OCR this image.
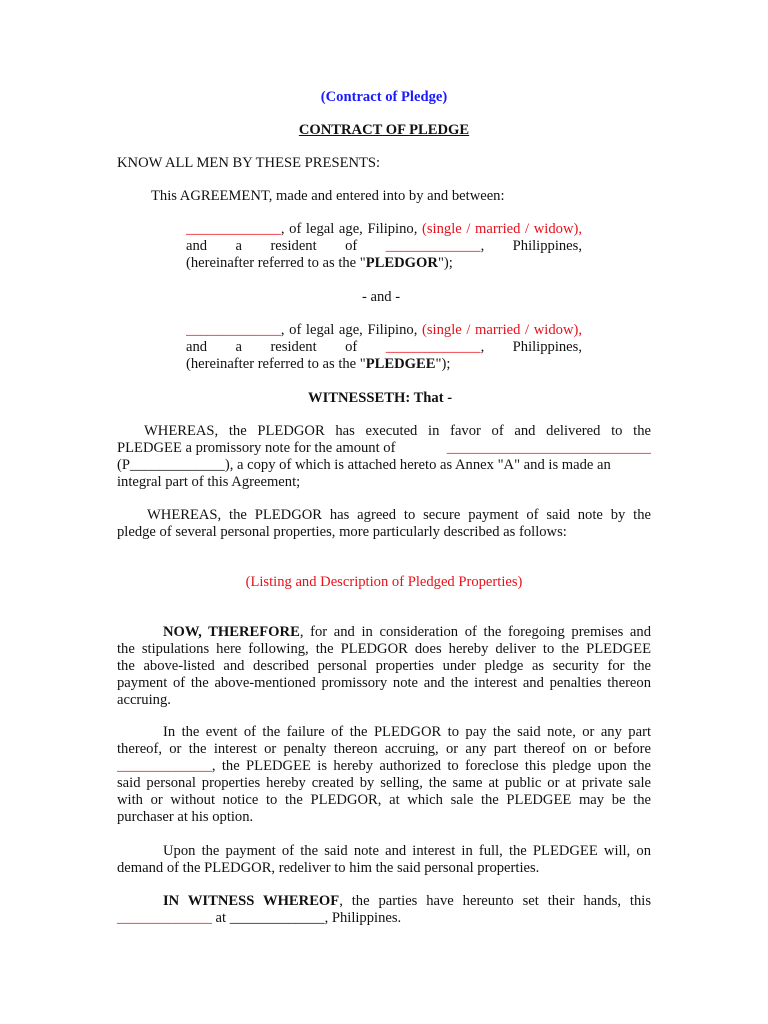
(Contract of Pledge)
CONTRACT OF PLEDGE
KNOW ALL MEN BY THESE PRESENTS:
This AGREEMENT, made and entered into by and between:
_____________, of legal age, Filipino, (single / married / widow),
and a resident of _____________, Philippines,
(hereinafter referred to as the "PLEDGOR");
- and -
_____________, of legal age, Filipino, (single / married / widow),
and a resident of _____________, Philippines,
(hereinafter referred to as the "PLEDGEE");
WITNESSETH: That -
WHEREAS, the PLEDGOR has executed in favor of and delivered to the
PLEDGEE a promissory note for the amount of	____________________________
(P_____________), a copy of which is attached hereto as Annex "A" and is made an
integral part of this Agreement;
WHEREAS, the PLEDGOR has agreed to secure payment of said note by the
pledge of several personal properties, more particularly described as follows:
(Listing and Description of Pledged Properties)
NOW, THEREFORE, for and in consideration of the foregoing premises and
the stipulations here following, the PLEDGOR does hereby deliver to the PLEDGEE
the above-listed and described personal properties under pledge as security for the
payment of the above-mentioned promissory note and the interest and penalties thereon
accruing.
In the event of the failure of the PLEDGOR to pay the said note, or any part
thereof, or the interest or penalty thereon accruing, or any part thereof on or before
_____________, the PLEDGEE is hereby authorized to foreclose this pledge upon the
said personal properties hereby created by selling, the same at public or at private sale
with or without notice to the PLEDGOR, at which sale the PLEDGEE may be the
purchaser at his option.
Upon the payment of the said note and interest in full, the PLEDGEE will, on
demand of the PLEDGOR, redeliver to him the said personal properties.
IN WITNESS WHEREOF, the parties have hereunto set their hands, this
_____________ at _____________, Philippines.
